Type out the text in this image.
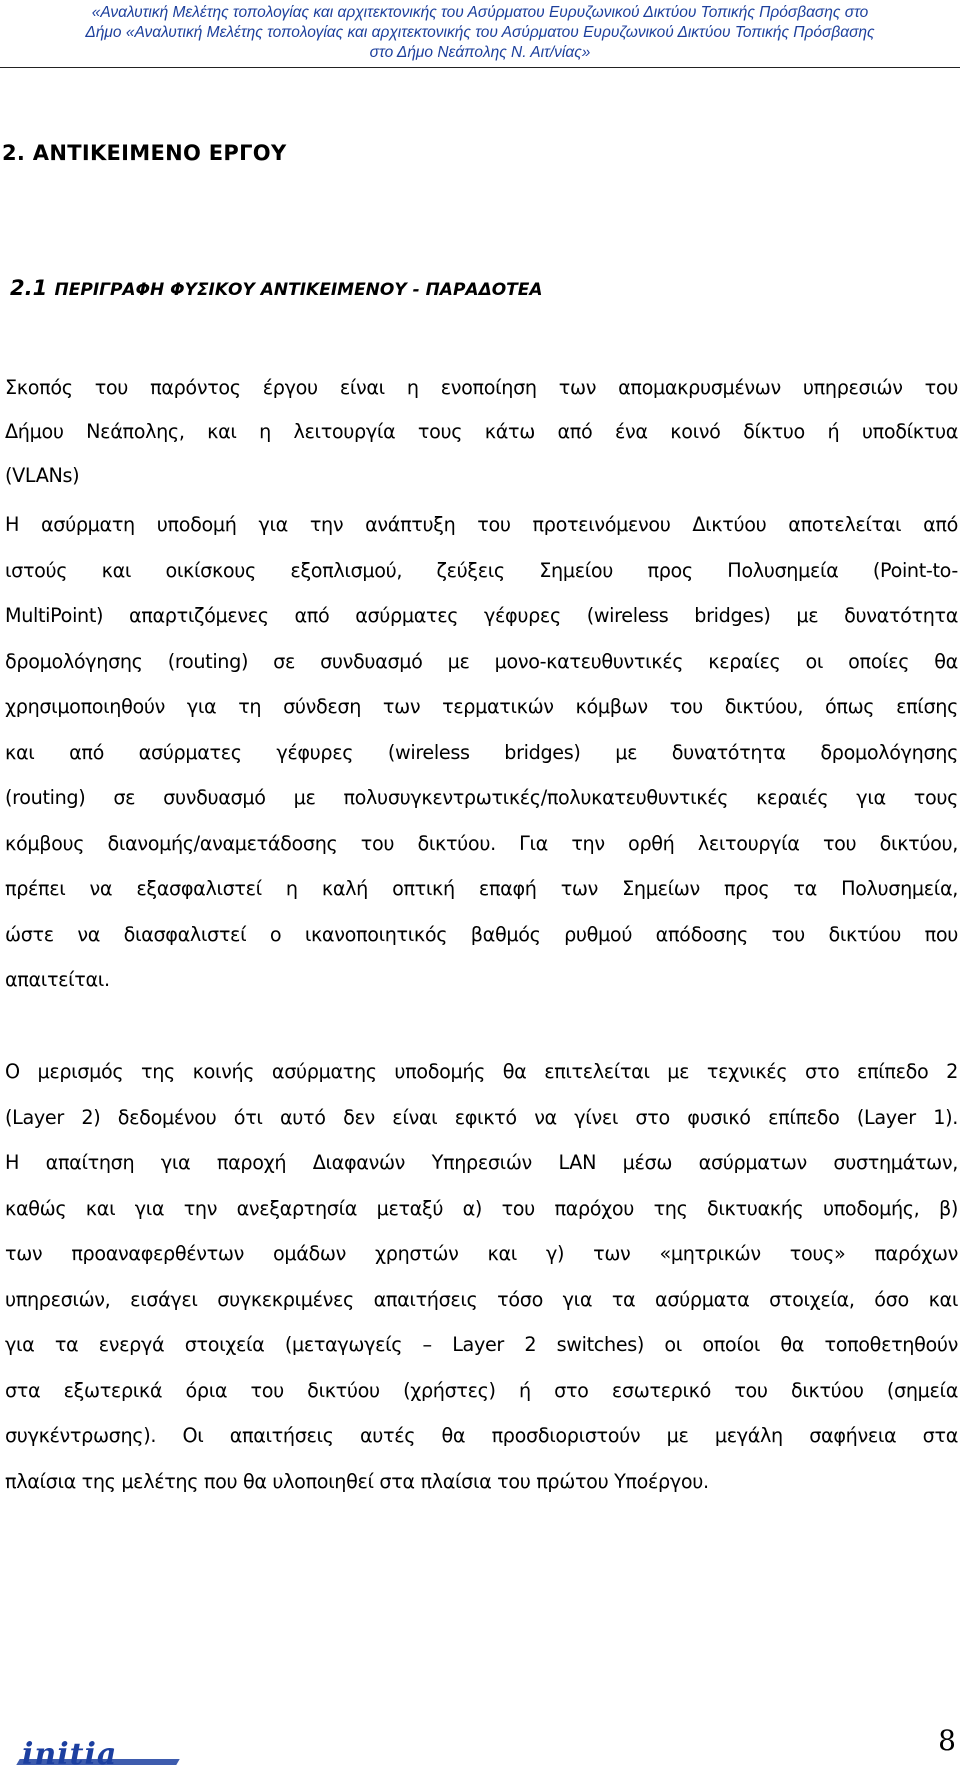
«Αναλυτική Μελέτης τοπολογίας και αρχιτεκτονικής του Ασύρματου Ευρυζωνικού Δικτύου Τοπικής Πρόσβασης στο
Δήμο «Αναλυτική Μελέτης τοπολογίας και αρχιτεκτονικής του Ασύρματου Ευρυζωνικού Δικτύου Τοπικής Πρόσβασης
στο Δήμο Νεάπολης Ν. Αιτ/νίας»
2. ΑΝΤΙΚΕΙΜΕΝΟ ΕΡΓΟΥ
2.1 ΠΕΡΙΓΡΑΦΗ ΦΥΣΙΚΟΥ ΑΝΤΙΚΕΙΜΕΝΟΥ - ΠΑΡΑΔΟΤΕΑ
Σκοπός του παρόντος έργου είναι η ενοποίηση των απομακρυσμένων υπηρεσιών του
Δήμου Νεάπολης, και η λειτουργία τους κάτω από ένα κοινό δίκτυο ή υποδίκτυα
(VLANs)
Η ασύρματη υποδομή για την ανάπτυξη του προτεινόμενου Δικτύου αποτελείται από
ιστούς και οικίσκους εξοπλισμού, ζεύξεις Σημείου προς Πολυσημεία (Point-to-
MultiPoint) απαρτιζόμενες από ασύρματες γέφυρες (wireless bridges) με δυνατότητα
δρομολόγησης (routing) σε συνδυασμό με μονο-κατευθυντικές κεραίες οι οποίες θα
χρησιμοποιηθούν για τη σύνδεση των τερματικών κόμβων του δικτύου, όπως επίσης
και από ασύρματες γέφυρες (wireless bridges) με δυνατότητα δρομολόγησης
(routing) σε συνδυασμό με πολυσυγκεντρωτικές/πολυκατευθυντικές κεραιές για τους
κόμβους διανομής/αναμετάδοσης του δικτύου. Για την ορθή λειτουργία του δικτύου,
πρέπει να εξασφαλιστεί η καλή οπτική επαφή των Σημείων προς τα Πολυσημεία,
ώστε να διασφαλιστεί ο ικανοποιητικός βαθμός ρυθμού απόδοσης του δικτύου που
απαιτείται.
Ο μερισμός της κοινής ασύρματης υποδομής θα επιτελείται με τεχνικές στο επίπεδο 2
(Layer 2) δεδομένου ότι αυτό δεν είναι εφικτό να γίνει στο φυσικό επίπεδο (Layer 1).
Η απαίτηση για παροχή Διαφανών Υπηρεσιών LAN μέσω ασύρματων συστημάτων,
καθώς και για την ανεξαρτησία μεταξύ α) του παρόχου της δικτυακής υποδομής, β)
των προαναφερθέντων ομάδων χρηστών και γ) των «μητρικών τους» παρόχων
υπηρεσιών, εισάγει συγκεκριμένες απαιτήσεις τόσο για τα ασύρματα στοιχεία, όσο και
για τα ενεργά στοιχεία (μεταγωγείς – Layer 2 switches) οι οποίοι θα τοποθετηθούν
στα εξωτερικά όρια του δικτύου (χρήστες) ή στο εσωτερικό του δικτύου (σημεία
συγκέντρωσης). Οι απαιτήσεις αυτές θα προσδιοριστούν με μεγάλη σαφήνεια στα
πλαίσια της μελέτης που θα υλοποιηθεί στα πλαίσια του πρώτου Υποέργου.
initia	8
